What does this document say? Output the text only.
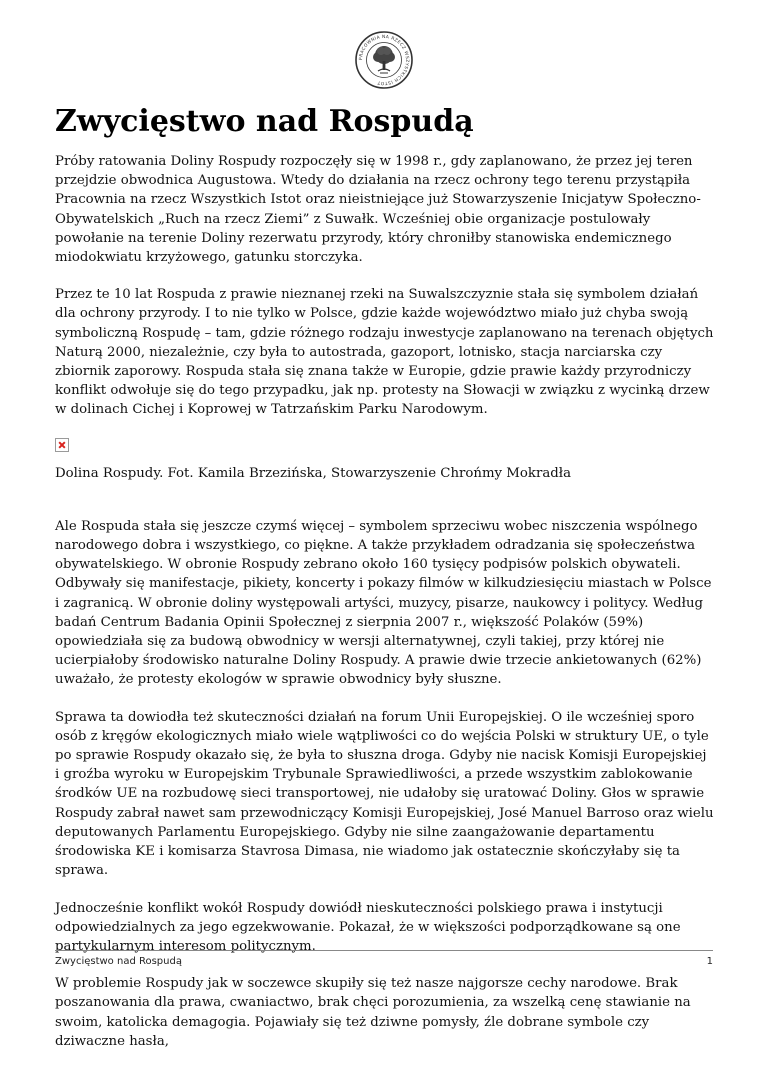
PRACOWNIA NA RZECZ WSZYSTKICH ISTOT
Zwycięstwo nad Rospudą

Próby ratowania Doliny Rospudy rozpoczęły się w 1998 r., gdy zaplanowano, że przez jej teren przejdzie obwodnica Augustowa. Wtedy do działania na rzecz ochrony tego terenu przystąpiła Pracownia na rzecz Wszystkich Istot oraz nieistniejące już Stowarzyszenie Inicjatyw Społeczno-Obywatelskich „Ruch na rzecz Ziemi” z Suwałk. Wcześniej obie organizacje postulowały powołanie na terenie Doliny rezerwatu przyrody, który chroniłby stanowiska endemicznego miodokwiatu krzyżowego, gatunku storczyka.

Przez te 10 lat Rospuda z prawie nieznanej rzeki na Suwalszczyznie stała się symbolem działań dla ochrony przyrody. I to nie tylko w Polsce, gdzie każde województwo miało już chyba swoją symboliczną Rospudę – tam, gdzie różnego rodzaju inwestycje zaplanowano na terenach objętych Naturą 2000, niezależnie, czy była to autostrada, gazoport, lotnisko, stacja narciarska czy zbiornik zaporowy. Rospuda stała się znana także w Europie, gdzie prawie każdy przyrodniczy konflikt odwołuje się do tego przypadku, jak np. protesty na Słowacji w związku z wycinką drzew w dolinach Cichej i Koprowej w Tatrzańskim Parku Narodowym.

Dolina Rospudy. Fot. Kamila Brzezińska, Stowarzyszenie Chrońmy Mokradła

Ale Rospuda stała się jeszcze czymś więcej – symbolem sprzeciwu wobec niszczenia wspólnego narodowego dobra i wszystkiego, co piękne. A także przykładem odradzania się społeczeństwa obywatelskiego. W obronie Rospudy zebrano około 160 tysięcy podpisów polskich obywateli. Odbywały się manifestacje, pikiety, koncerty i pokazy filmów w kilkudziesięciu miastach w Polsce i zagranicą. W obronie doliny występowali artyści, muzycy, pisarze, naukowcy i politycy. Według badań Centrum Badania Opinii Społecznej z sierpnia 2007 r., większość Polaków (59%) opowiedziała się za budową obwodnicy w wersji alternatywnej, czyli takiej, przy której nie ucierpiałoby środowisko naturalne Doliny Rospudy. A prawie dwie trzecie ankietowanych (62%) uważało, że protesty ekologów w sprawie obwodnicy były słuszne.

Sprawa ta dowiodła też skuteczności działań na forum Unii Europejskiej. O ile wcześniej sporo osób z kręgów ekologicznych miało wiele wątpliwości co do wejścia Polski w struktury UE, o tyle po sprawie Rospudy okazało się, że była to słuszna droga. Gdyby nie nacisk Komisji Europejskiej i groźba wyroku w Europejskim Trybunale Sprawiedliwości, a przede wszystkim zablokowanie środków UE na rozbudowę sieci transportowej, nie udałoby się uratować Doliny. Głos w sprawie Rospudy zabrał nawet sam przewodniczący Komisji Europejskiej, José Manuel Barroso oraz wielu deputowanych Parlamentu Europejskiego. Gdyby nie silne zaangażowanie departamentu środowiska KE i komisarza Stavrosa Dimasa, nie wiadomo jak ostatecznie skończyłaby się ta sprawa.

Jednocześnie konflikt wokół Rospudy dowiódł nieskuteczności polskiego prawa i instytucji odpowiedzialnych za jego egzekwowanie. Pokazał, że w większości podporządkowane są one partykularnym interesom politycznym.

W problemie Rospudy jak w soczewce skupiły się też nasze najgorsze cechy narodowe. Brak poszanowania dla prawa, cwaniactwo, brak chęci porozumienia, za wszelką cenę stawianie na swoim, katolicka demagogia. Pojawiały się też dziwne pomysły, źle dobrane symbole czy dziwaczne hasła,

Zwycięstwo nad Rospudą	1
